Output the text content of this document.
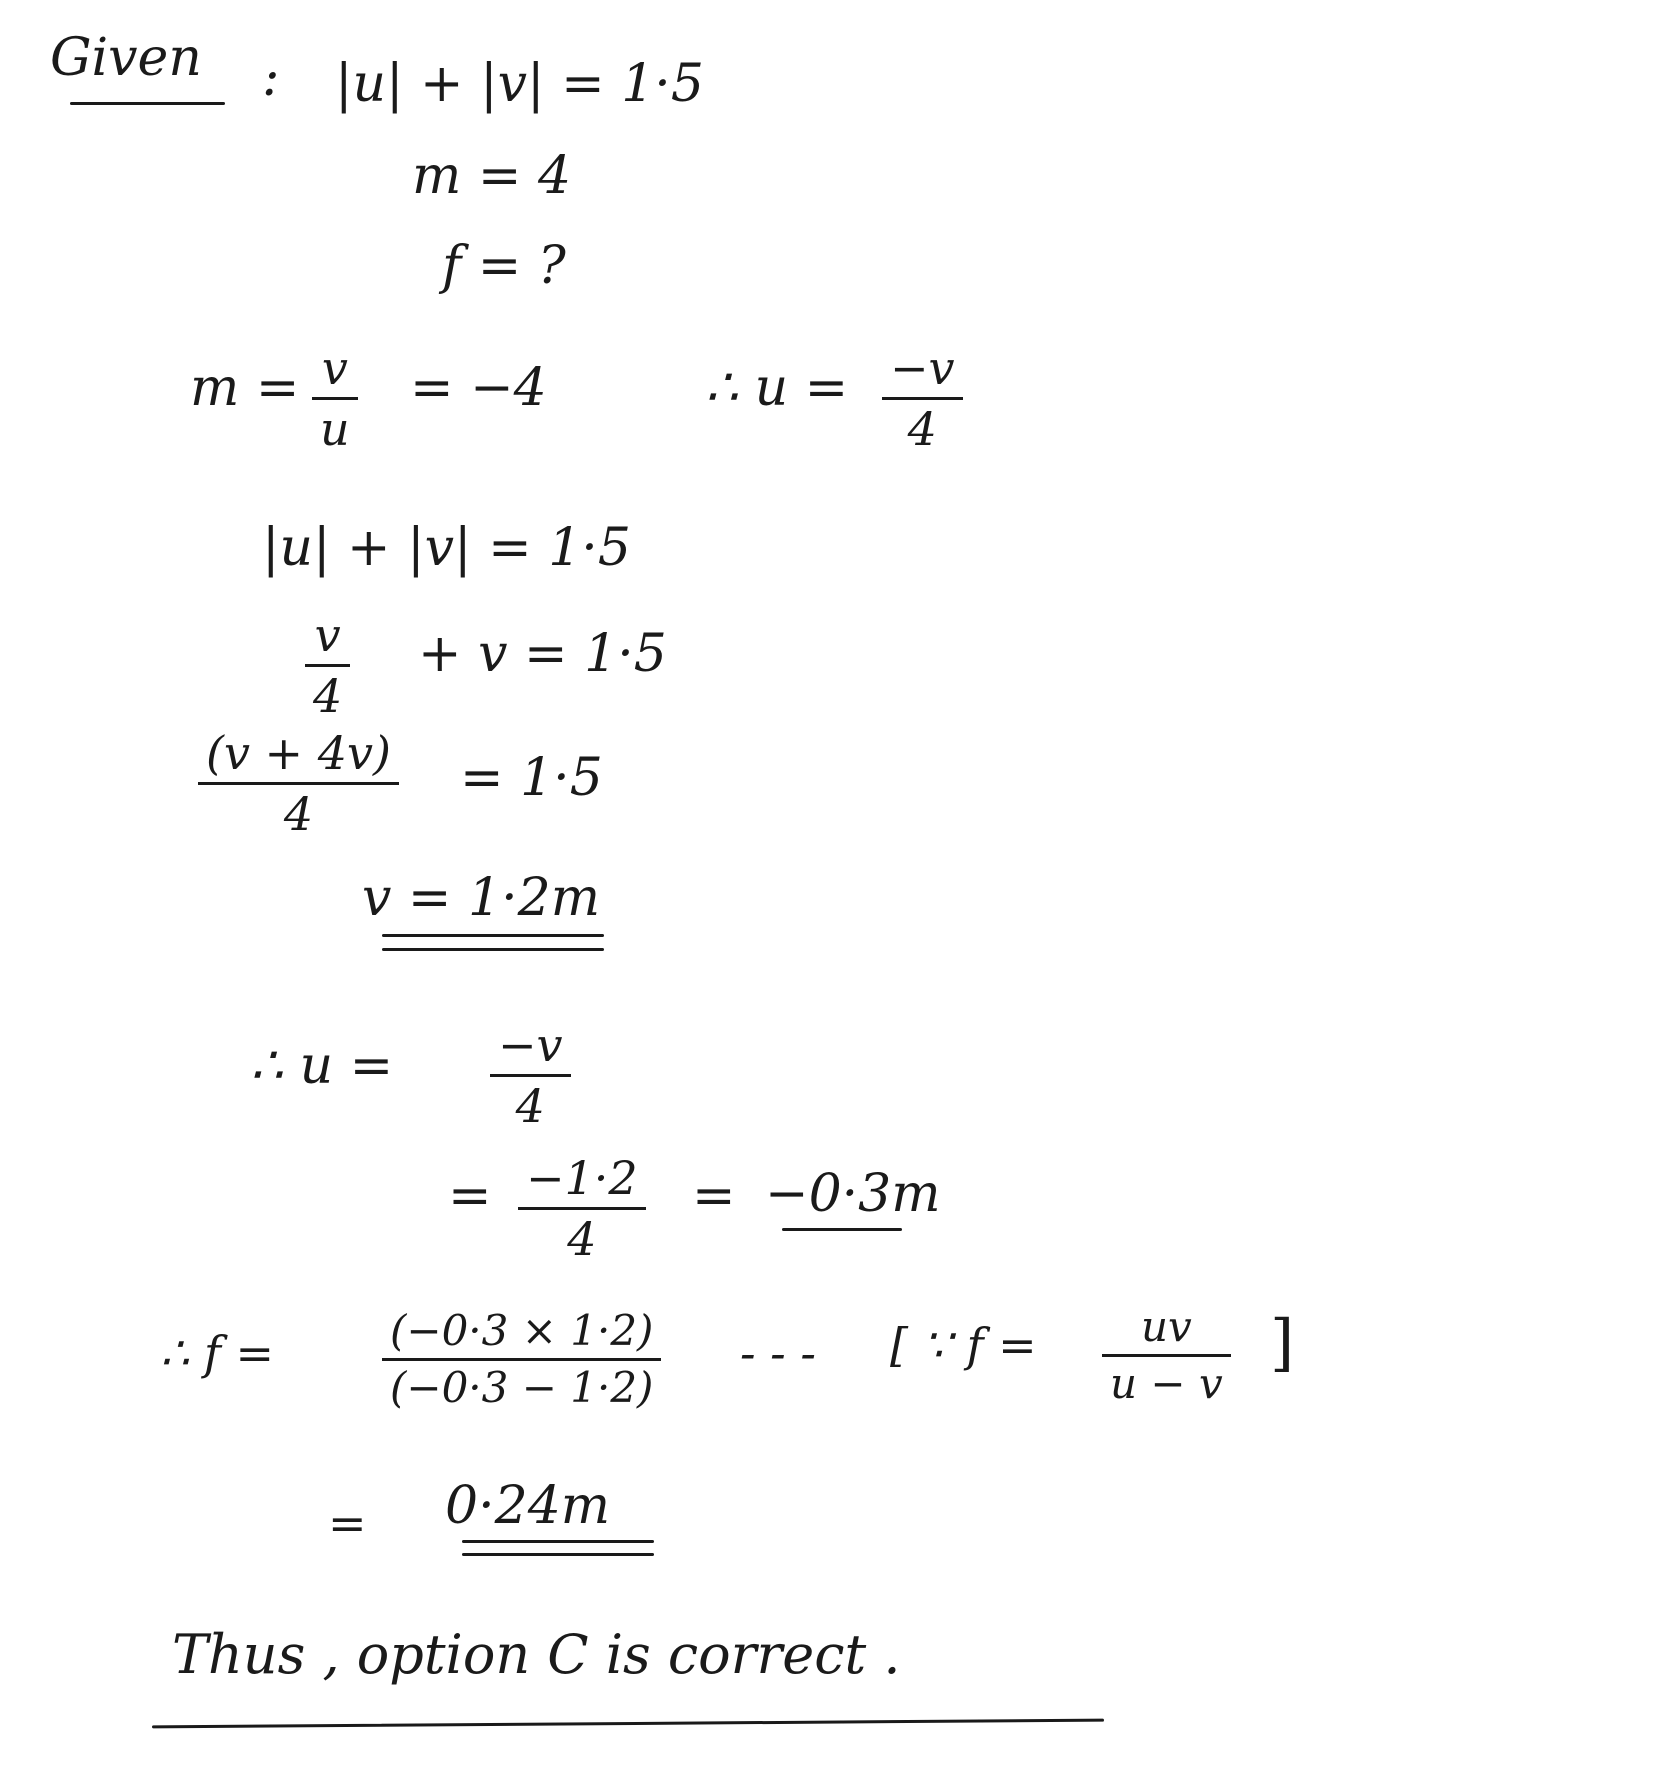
Given : |u| + |v| = 1·5
m = 4
f = ?
m = v
u
= −4	∴ u = −v
4
|u| + |v| = 1·5
v
4
+ v = 1·5
(v + 4v)
4
= 1·5
v = 1·2m
∴ u = −v
4
= −1·2
4
= −0·3m
∴ f =	(−0·3 × 1·2)
(−0·3 − 1·2)
- - - [ ∵ f = uv
u − v
]
= 0·24m
Thus , option C is correct .
